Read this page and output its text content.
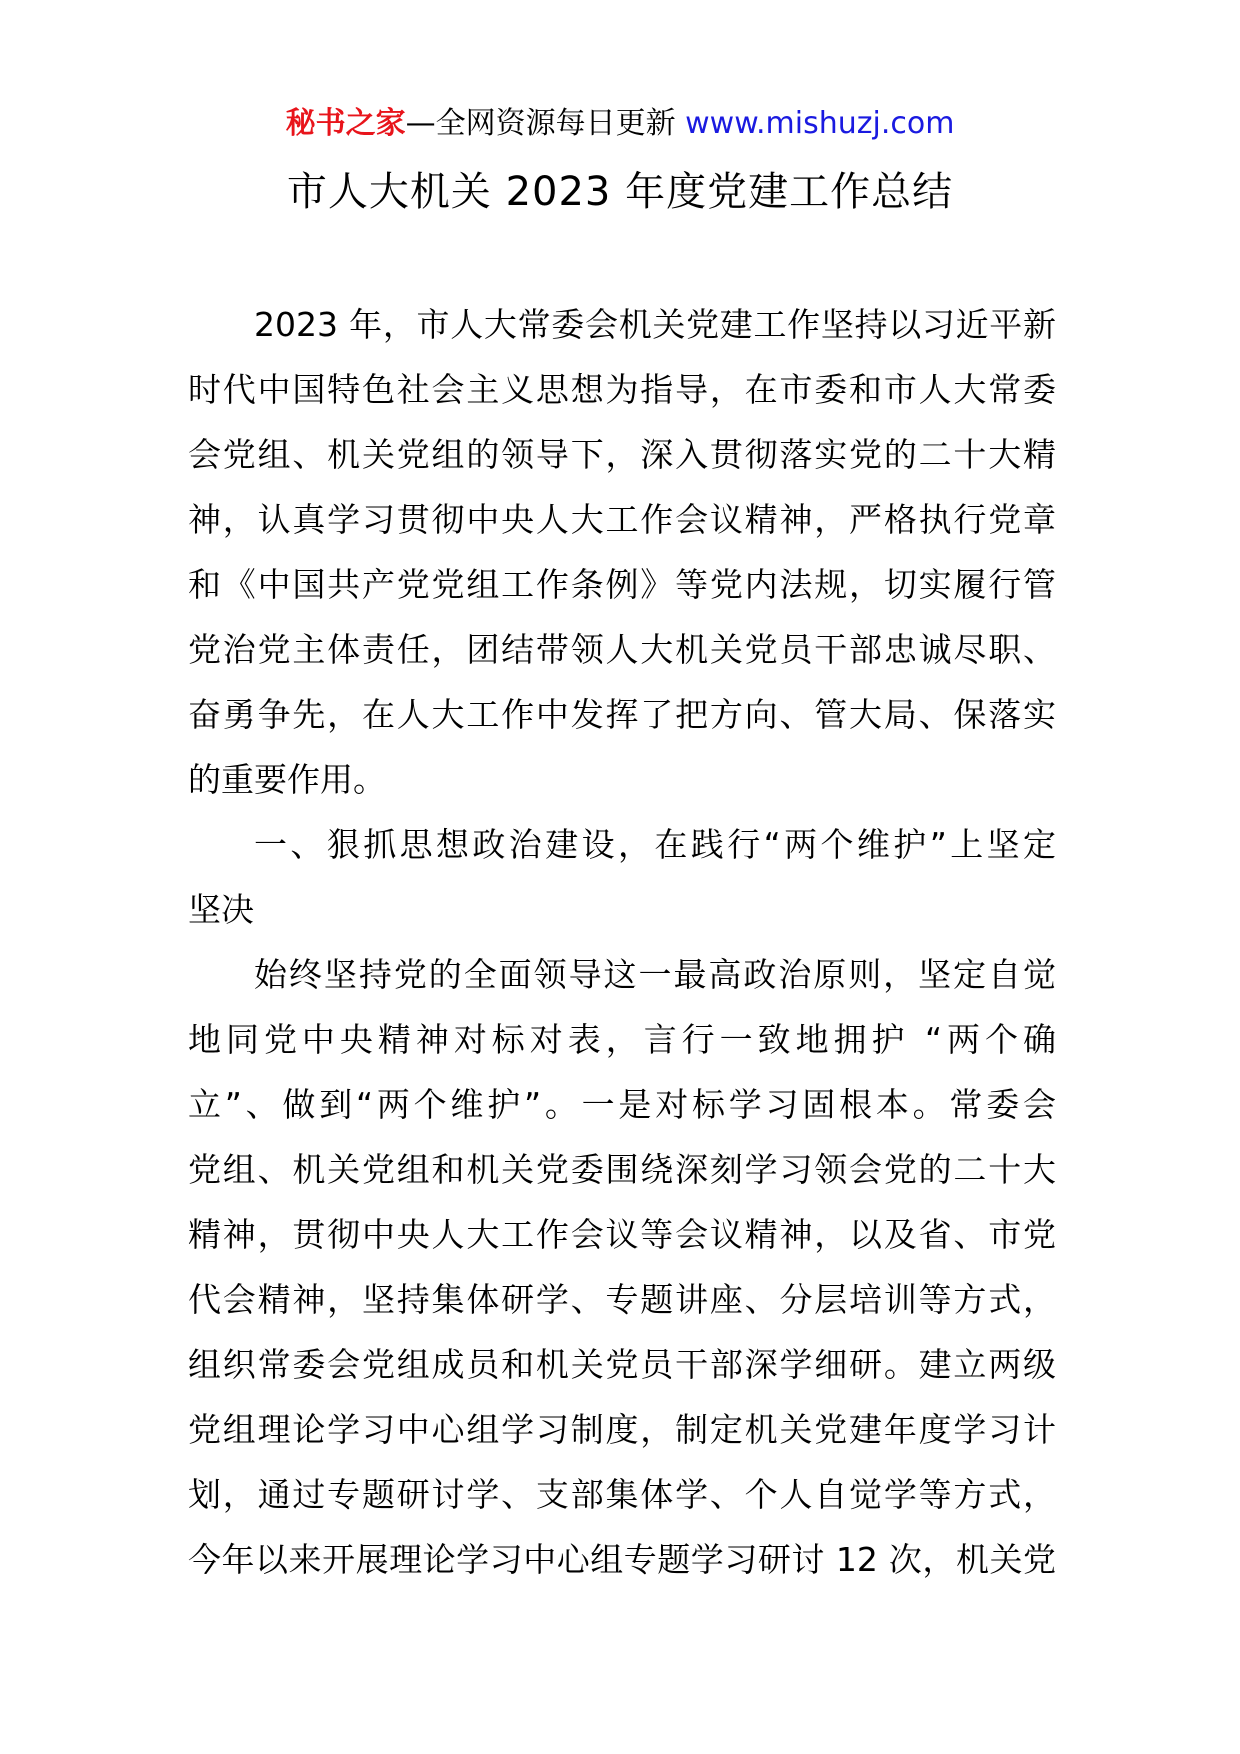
秘书之家—全网资源每日更新 www.mishuzj.com
市人大机关 2023 年度党建工作总结
2023 年，市人大常委会机关党建工作坚持以习近平新
时代中国特色社会主义思想为指导，在市委和市人大常委
会党组、机关党组的领导下，深入贯彻落实党的二十大精
神，认真学习贯彻中央人大工作会议精神，严格执行党章
和《中国共产党党组工作条例》等党内法规，切实履行管
党治党主体责任，团结带领人大机关党员干部忠诚尽职、
奋勇争先，在人大工作中发挥了把方向、管大局、保落实
的重要作用。
一、狠抓思想政治建设，在践行“两个维护”上坚定
坚决
始终坚持党的全面领导这一最高政治原则，坚定自觉
地同党中央精神对标对表，言行一致地拥护 “两个确
立”、做到“两个维护”。一是对标学习固根本。常委会
党组、机关党组和机关党委围绕深刻学习领会党的二十大
精神，贯彻中央人大工作会议等会议精神，以及省、市党
代会精神，坚持集体研学、专题讲座、分层培训等方式，
组织常委会党组成员和机关党员干部深学细研。建立两级
党组理论学习中心组学习制度，制定机关党建年度学习计
划，通过专题研讨学、支部集体学、个人自觉学等方式，
今年以来开展理论学习中心组专题学习研讨 12 次，机关党
